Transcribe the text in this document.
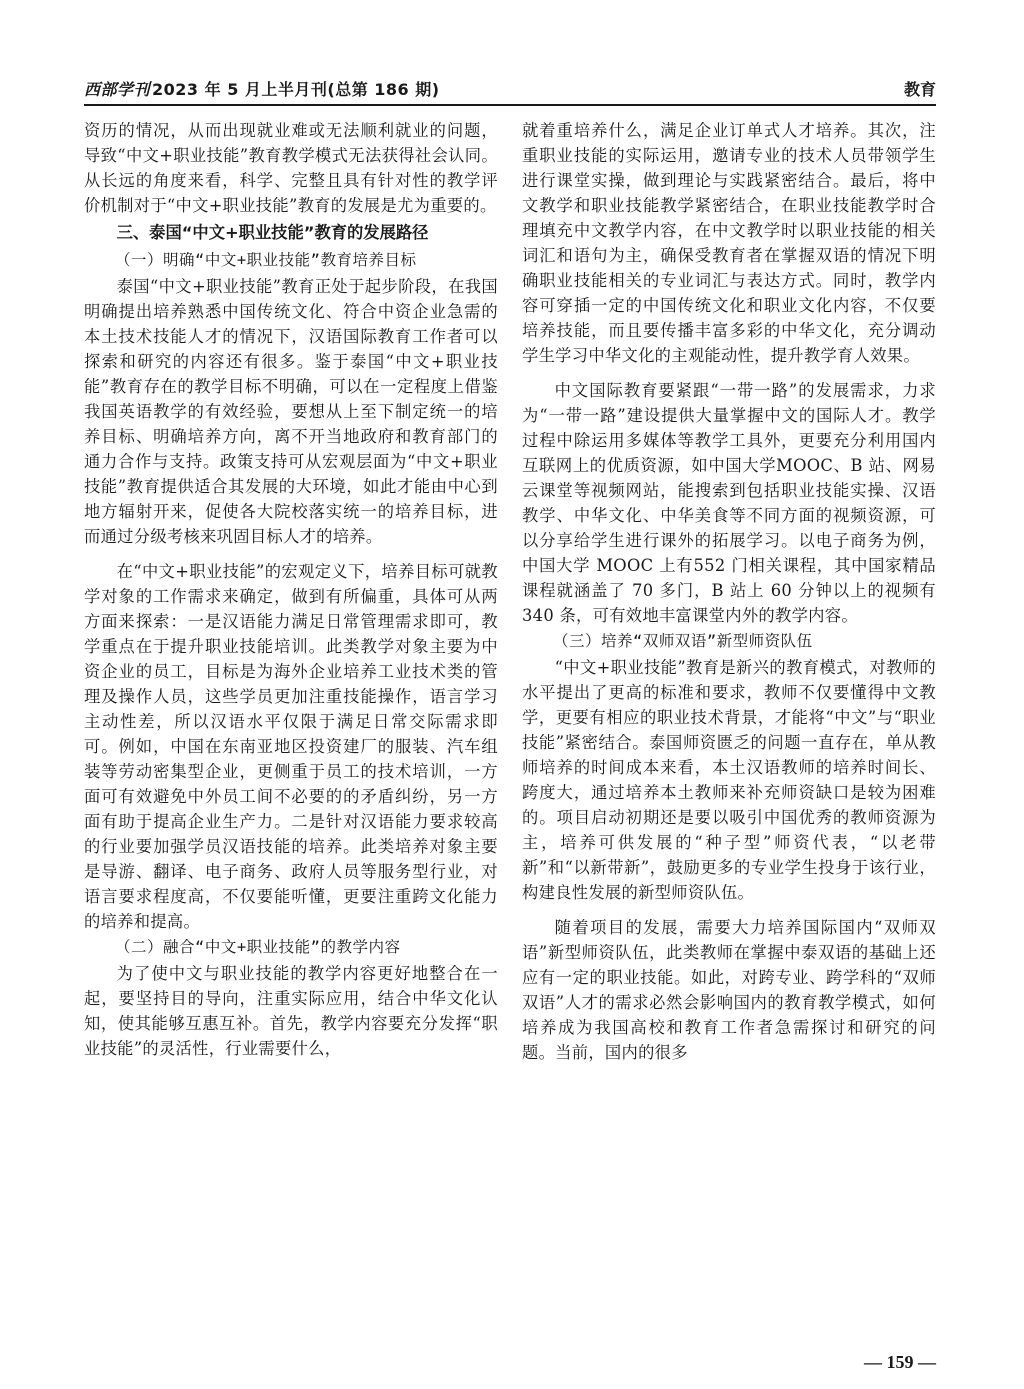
西部学刊 2023 年 5 月上半月刊(总第 186 期)	教育

资历的情况，从而出现就业难或无法顺利就业的问题，导致“中文+职业技能”教育教学模式无法获得社会认同。从长远的角度来看，科学、完整且具有针对性的教学评价机制对于“中文+职业技能”教育的发展是尤为重要的。

三、泰国“中文+职业技能”教育的发展路径
（一）明确“中文+职业技能”教育培养目标

泰国“中文+职业技能”教育正处于起步阶段，在我国明确提出培养熟悉中国传统文化、符合中资企业急需的本土技术技能人才的情况下，汉语国际教育工作者可以探索和研究的内容还有很多。鉴于泰国“中文+职业技能”教育存在的教学目标不明确，可以在一定程度上借鉴我国英语教学的有效经验，要想从上至下制定统一的培养目标、明确培养方向，离不开当地政府和教育部门的通力合作与支持。政策支持可从宏观层面为“中文+职业技能”教育提供适合其发展的大环境，如此才能由中心到地方辐射开来，促使各大院校落实统一的培养目标，进而通过分级考核来巩固目标人才的培养。

在“中文+职业技能”的宏观定义下，培养目标可就教学对象的工作需求来确定，做到有所偏重，具体可从两方面来探索：一是汉语能力满足日常管理需求即可，教学重点在于提升职业技能培训。此类教学对象主要为中资企业的员工，目标是为海外企业培养工业技术类的管理及操作人员，这些学员更加注重技能操作，语言学习主动性差，所以汉语水平仅限于满足日常交际需求即可。例如，中国在东南亚地区投资建厂的服装、汽车组装等劳动密集型企业，更侧重于员工的技术培训，一方面可有效避免中外员工间不必要的的矛盾纠纷，另一方面有助于提高企业生产力。二是针对汉语能力要求较高的行业要加强学员汉语技能的培养。此类培养对象主要是导游、翻译、电子商务、政府人员等服务型行业，对语言要求程度高，不仅要能听懂，更要注重跨文化能力的培养和提高。

（二）融合“中文+职业技能”的教学内容

为了使中文与职业技能的教学内容更好地整合在一起，要坚持目的导向，注重实际应用，结合中华文化认知，使其能够互惠互补。首先，教学内容要充分发挥“职业技能”的灵活性，行业需要什么，

就着重培养什么，满足企业订单式人才培养。其次，注重职业技能的实际运用，邀请专业的技术人员带领学生进行课堂实操，做到理论与实践紧密结合。最后，将中文教学和职业技能教学紧密结合，在职业技能教学时合理填充中文教学内容，在中文教学时以职业技能的相关词汇和语句为主，确保受教育者在掌握双语的情况下明确职业技能相关的专业词汇与表达方式。同时，教学内容可穿插一定的中国传统文化和职业文化内容，不仅要培养技能，而且要传播丰富多彩的中华文化，充分调动学生学习中华文化的主观能动性，提升教学育人效果。

中文国际教育要紧跟“一带一路”的发展需求，力求为“一带一路”建设提供大量掌握中文的国际人才。教学过程中除运用多媒体等教学工具外，更要充分利用国内互联网上的优质资源，如中国大学MOOC、B 站、网易云课堂等视频网站，能搜索到包括职业技能实操、汉语教学、中华文化、中华美食等不同方面的视频资源，可以分享给学生进行课外的拓展学习。以电子商务为例，中国大学 MOOC 上有552 门相关课程，其中国家精品课程就涵盖了 70 多门，B 站上 60 分钟以上的视频有 340 条，可有效地丰富课堂内外的教学内容。

（三）培养“双师双语”新型师资队伍

“中文+职业技能”教育是新兴的教育模式，对教师的水平提出了更高的标准和要求，教师不仅要懂得中文教学，更要有相应的职业技术背景，才能将“中文”与“职业技能”紧密结合。泰国师资匮乏的问题一直存在，单从教师培养的时间成本来看，本土汉语教师的培养时间长、跨度大，通过培养本土教师来补充师资缺口是较为困难的。项目启动初期还是要以吸引中国优秀的教师资源为主，培养可供发展的“种子型”师资代表，“以老带新”和“以新带新”，鼓励更多的专业学生投身于该行业，构建良性发展的新型师资队伍。

随着项目的发展，需要大力培养国际国内“双师双语”新型师资队伍，此类教师在掌握中泰双语的基础上还应有一定的职业技能。如此，对跨专业、跨学科的“双师双语”人才的需求必然会影响国内的教育教学模式，如何培养成为我国高校和教育工作者急需探讨和研究的问题。当前，国内的很多

— 159 —
